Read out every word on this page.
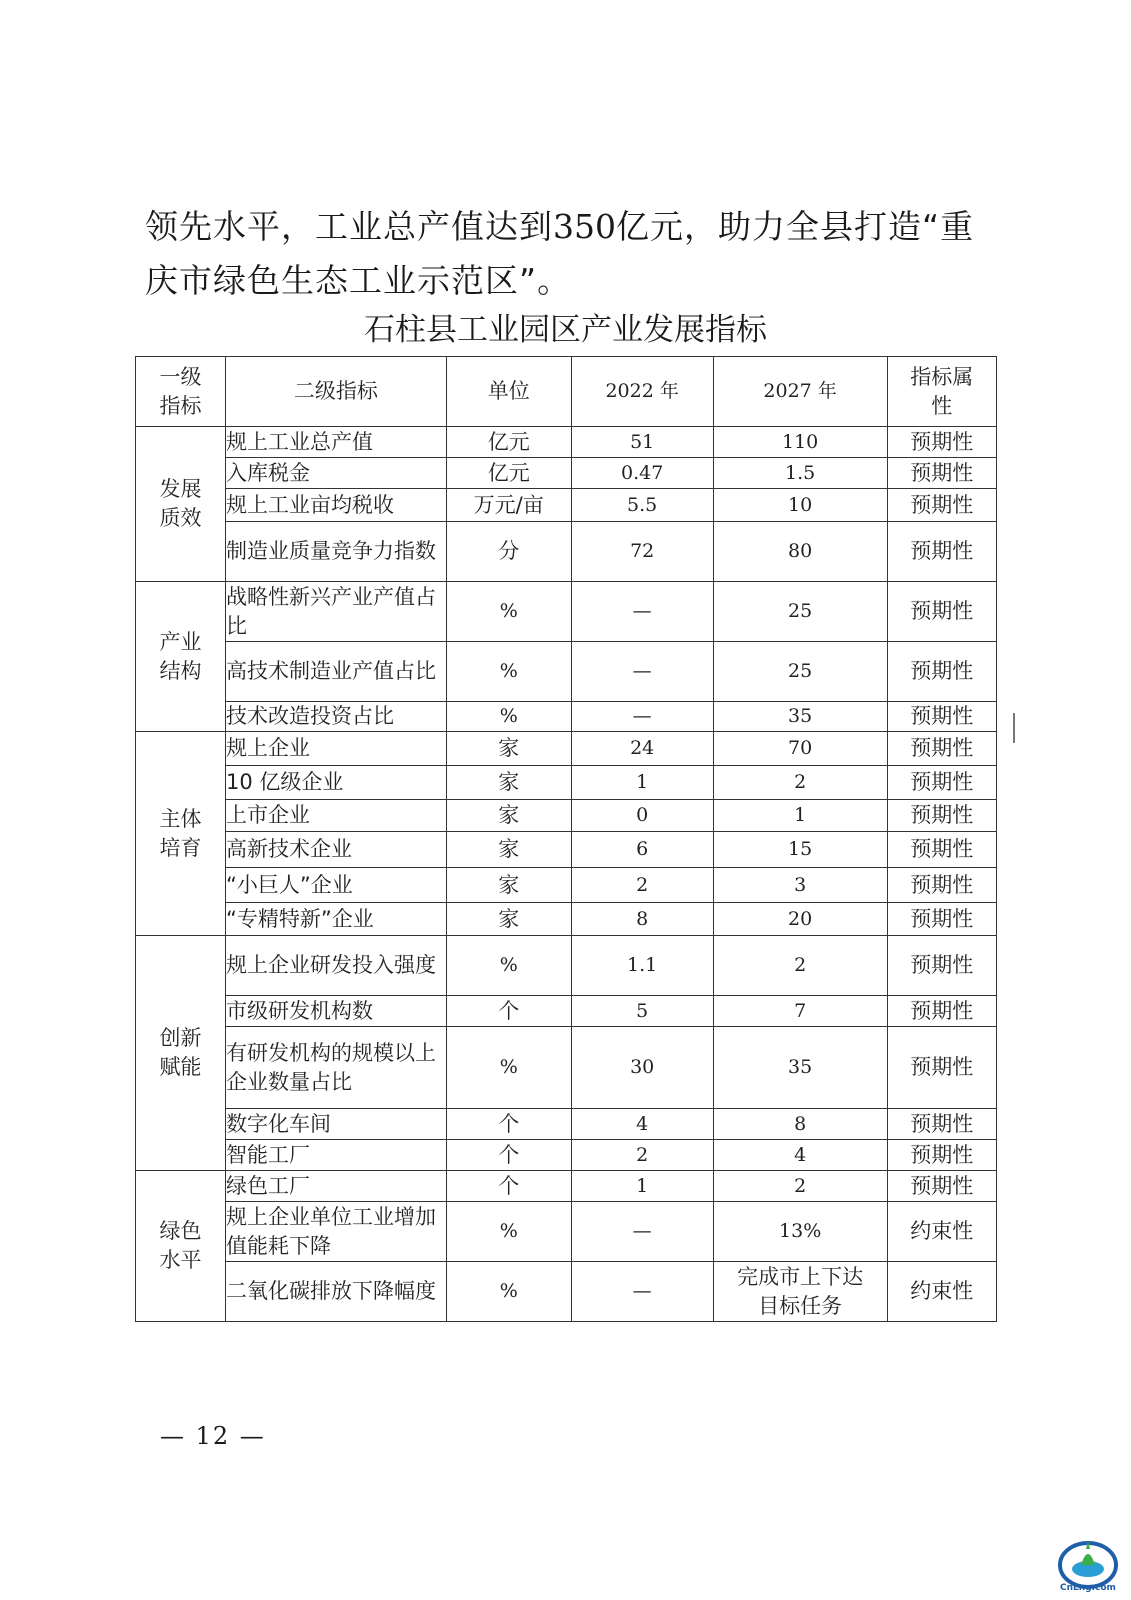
领先水平，工业总产值达到350亿元，助力全县打造“重庆市绿色生态工业示范区”。
石柱县工业园区产业发展指标
一级指标	二级指标	单位	2022 年	2027 年	指标属性
发展质效	规上工业总产值	亿元	51	110	预期性
	入库税金	亿元	0.47	1.5	预期性
	规上工业亩均税收	万元/亩	5.5	10	预期性
	制造业质量竞争力指数	分	72	80	预期性
产业结构	战略性新兴产业产值占比	%	—	25	预期性
	高技术制造业产值占比	%	—	25	预期性
	技术改造投资占比	%	—	35	预期性
主体培育	规上企业	家	24	70	预期性
	10 亿级企业	家	1	2	预期性
	上市企业	家	0	1	预期性
	高新技术企业	家	6	15	预期性
	“小巨人”企业	家	2	3	预期性
	“专精特新”企业	家	8	20	预期性
创新赋能	规上企业研发投入强度	%	1.1	2	预期性
	市级研发机构数	个	5	7	预期性
	有研发机构的规模以上企业数量占比	%	30	35	预期性
	数字化车间	个	4	8	预期性
	智能工厂	个	2	4	预期性
绿色水平	绿色工厂	个	1	2	预期性
	规上企业单位工业增加值能耗下降	%	—	13%	约束性
	二氧化碳排放下降幅度	%	—	完成市上下达目标任务	约束性
— 12 —
CnLng.com
